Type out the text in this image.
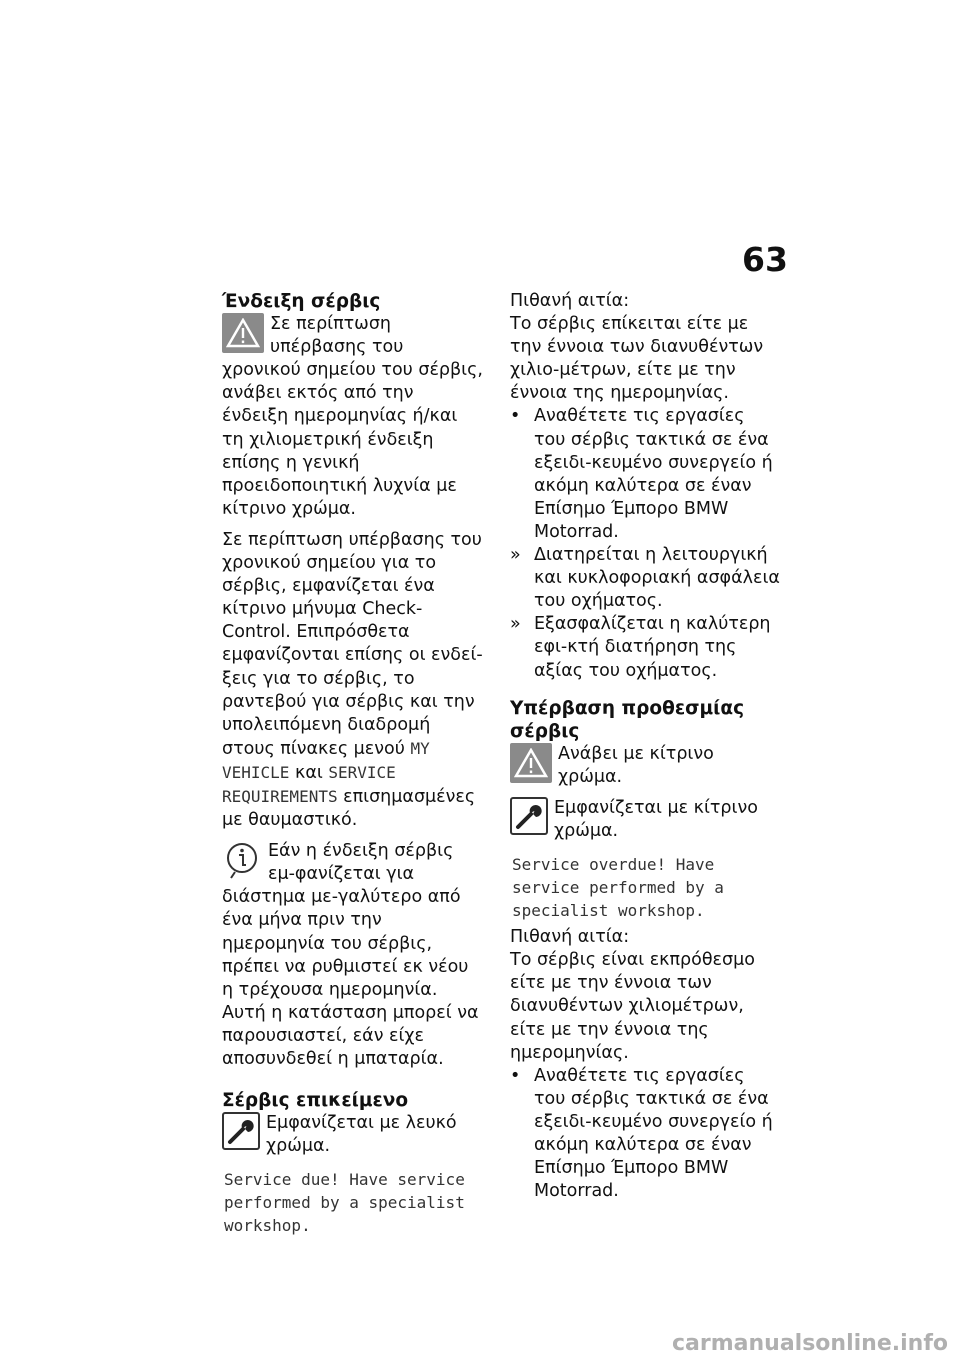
63
Ένδειξη σέρβις

Σε περίπτωση υπέρβασης του χρονικού σημείου του σέρβις, ανάβει εκτός από την ένδειξη ημερομηνίας ή/και τη χιλιομετρική ένδειξη επίσης η γενική προειδοποιητική λυχνία με κίτρινο χρώμα.

Σε περίπτωση υπέρβασης του χρονικού σημείου για το σέρβις, εμφανίζεται ένα κίτρινο μήνυμα Check-Control. Επιπρόσθετα εμφανίζονται επίσης οι ενδεί-ξεις για το σέρβις, το ραντεβού για σέρβις και την υπολειπόμενη διαδρομή στους πίνακες μενού MY VEHICLE και SERVICE REQUIREMENTS επισημασμένες με θαυμαστικό.

Εάν η ένδειξη σέρβις εμ-φανίζεται για διάστημα με-γαλύτερο από ένα μήνα πριν την ημερομηνία του σέρβις, πρέπει να ρυθμιστεί εκ νέου η τρέχουσα ημερομηνία. Αυτή η κατάσταση μπορεί να παρουσιαστεί, εάν είχε αποσυνδεθεί η μπαταρία.

Σέρβις επικείμενο

Εμφανίζεται με λευκό χρώμα.

Service due! Have service performed by a specialist workshop.

Πιθανή αιτία:

Το σέρβις επίκειται είτε με την έννοια των διανυθέντων χιλιο-μέτρων, είτε με την έννοια της ημερομηνίας.

• Αναθέτετε τις εργασίες του σέρβις τακτικά σε ένα εξειδι-κευμένο συνεργείο ή ακόμη καλύτερα σε έναν Επίσημο Έμπορο BMW Motorrad.
» Διατηρείται η λειτουργική και κυκλοφοριακή ασφάλεια του οχήματος.
» Εξασφαλίζεται η καλύτερη εφι-κτή διατήρηση της αξίας του οχήματος.
Υπέρβαση προθεσμίας σέρβις

Ανάβει με κίτρινο χρώμα.

Εμφανίζεται με κίτρινο χρώμα.

Service overdue! Have service performed by a specialist workshop.

Πιθανή αιτία:

Το σέρβις είναι εκπρόθεσμο είτε με την έννοια των διανυθέντων χιλιομέτρων, είτε με την έννοια της ημερομηνίας.

• Αναθέτετε τις εργασίες του σέρβις τακτικά σε ένα εξειδι-κευμένο συνεργείο ή ακόμη καλύτερα σε έναν Επίσημο Έμπορο BMW Motorrad.
carmanualsonline.info
